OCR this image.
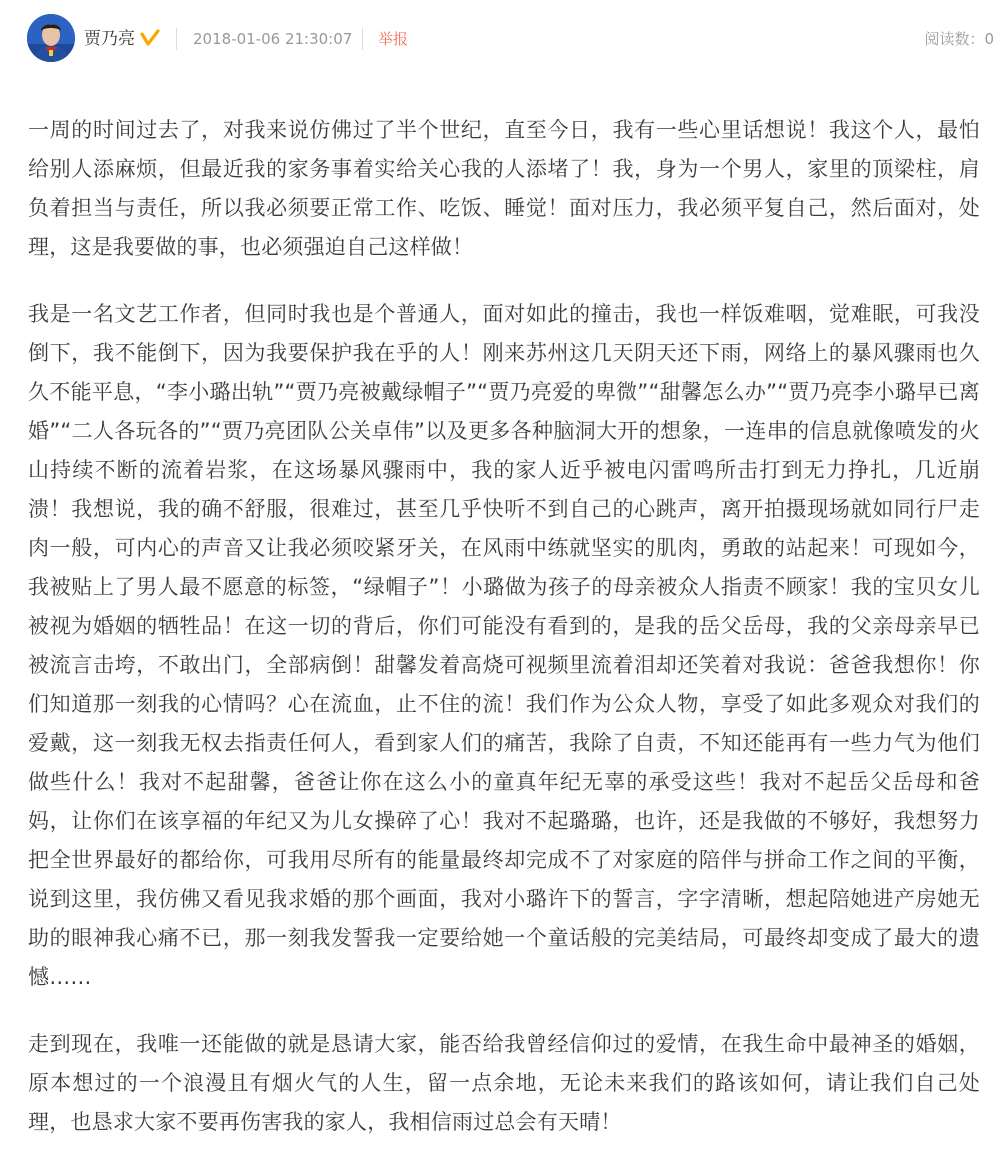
贾乃亮	2018-01-06 21:30:07 举报	阅读数：0

一周的时间过去了，对我来说仿佛过了半个世纪，直至今日，我有一些心里话想说！我这个人，最怕给别人添麻烦，但最近我的家务事着实给关心我的人添堵了！我，身为一个男人，家里的顶梁柱，肩负着担当与责任，所以我必须要正常工作、吃饭、睡觉！面对压力，我必须平复自己，然后面对，处理，这是我要做的事，也必须强迫自己这样做！

我是一名文艺工作者，但同时我也是个普通人，面对如此的撞击，我也一样饭难咽，觉难眠，可我没倒下，我不能倒下，因为我要保护我在乎的人！刚来苏州这几天阴天还下雨，网络上的暴风骤雨也久久不能平息，“李小璐出轨”“贾乃亮被戴绿帽子”“贾乃亮爱的卑微”“甜馨怎么办”“贾乃亮李小璐早已离婚”“二人各玩各的”“贾乃亮团队公关卓伟”以及更多各种脑洞大开的想象，一连串的信息就像喷发的火山持续不断的流着岩浆，在这场暴风骤雨中，我的家人近乎被电闪雷鸣所击打到无力挣扎，几近崩溃！我想说，我的确不舒服，很难过，甚至几乎快听不到自己的心跳声，离开拍摄现场就如同行尸走肉一般，可内心的声音又让我必须咬紧牙关，在风雨中练就坚实的肌肉，勇敢的站起来！可现如今，我被贴上了男人最不愿意的标签，“绿帽子”！小璐做为孩子的母亲被众人指责不顾家！我的宝贝女儿被视为婚姻的牺牲品！在这一切的背后，你们可能没有看到的，是我的岳父岳母，我的父亲母亲早已被流言击垮，不敢出门，全部病倒！甜馨发着高烧可视频里流着泪却还笑着对我说：爸爸我想你！你们知道那一刻我的心情吗？心在流血，止不住的流！我们作为公众人物，享受了如此多观众对我们的爱戴，这一刻我无权去指责任何人，看到家人们的痛苦，我除了自责，不知还能再有一些力气为他们做些什么！我对不起甜馨，爸爸让你在这么小的童真年纪无辜的承受这些！我对不起岳父岳母和爸妈，让你们在该享福的年纪又为儿女操碎了心！我对不起璐璐，也许，还是我做的不够好，我想努力把全世界最好的都给你，可我用尽所有的能量最终却完成不了对家庭的陪伴与拼命工作之间的平衡，说到这里，我仿佛又看见我求婚的那个画面，我对小璐许下的誓言，字字清晰，想起陪她进产房她无助的眼神我心痛不已，那一刻我发誓我一定要给她一个童话般的完美结局，可最终却变成了最大的遗憾……

走到现在，我唯一还能做的就是恳请大家，能否给我曾经信仰过的爱情，在我生命中最神圣的婚姻，原本想过的一个浪漫且有烟火气的人生，留一点余地，无论未来我们的路该如何，请让我们自己处理，也恳求大家不要再伤害我的家人，我相信雨过总会有天晴！
